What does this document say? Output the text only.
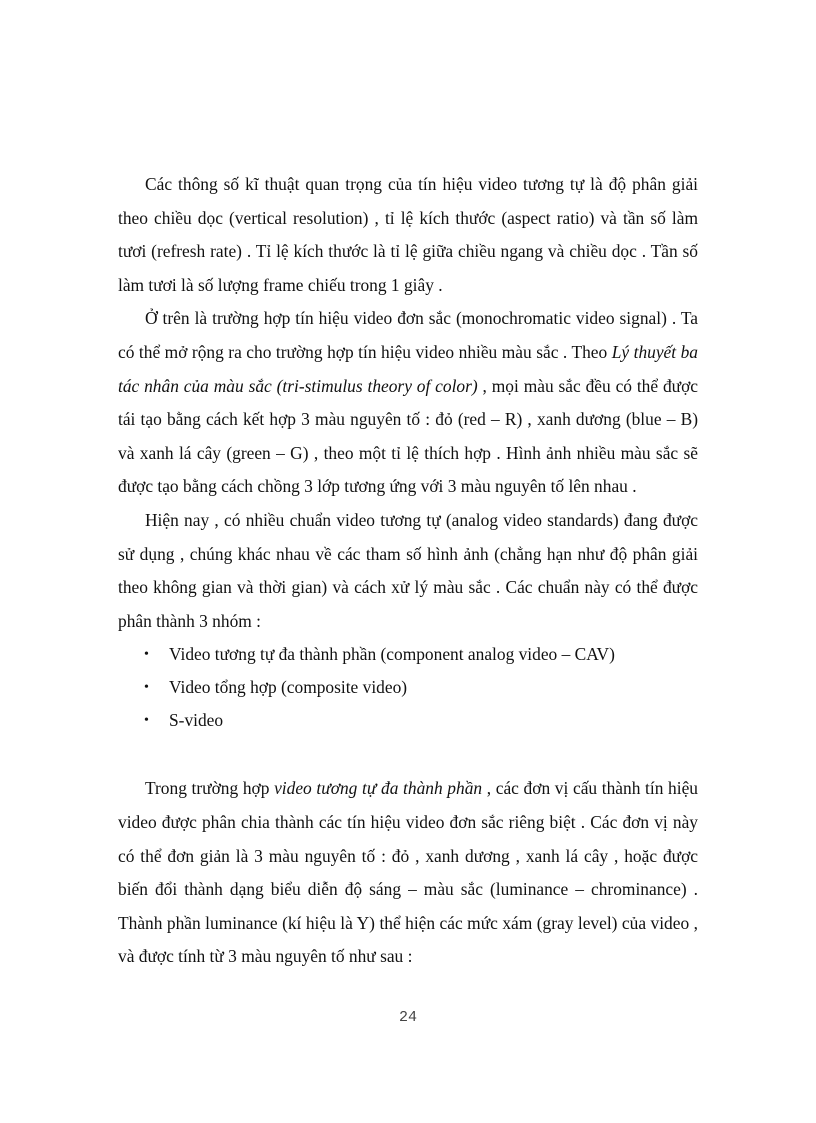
Các thông số kĩ thuật quan trọng của tín hiệu video tương tự là độ phân giải theo chiều dọc (vertical resolution) , tỉ lệ kích thước (aspect ratio) và tần số làm tươi (refresh rate) . Tỉ lệ kích thước là tỉ lệ giữa chiều ngang và chiều dọc . Tần số làm tươi là số lượng frame chiếu trong 1 giây .

Ở trên là trường hợp tín hiệu video đơn sắc (monochromatic video signal) . Ta có thể mở rộng ra cho trường hợp tín hiệu video nhiều màu sắc . Theo Lý thuyết ba tác nhân của màu sắc (tri-stimulus theory of color) , mọi màu sắc đều có thể được tái tạo bằng cách kết hợp 3 màu nguyên tố : đỏ (red – R) , xanh dương (blue – B) và xanh lá cây (green – G) , theo một tỉ lệ thích hợp . Hình ảnh nhiều màu sắc sẽ được tạo bằng cách chồng 3 lớp tương ứng với 3 màu nguyên tố lên nhau .

Hiện nay , có nhiều chuẩn video tương tự (analog video standards) đang được sử dụng , chúng khác nhau về các tham số hình ảnh (chẳng hạn như độ phân giải theo không gian và thời gian) và cách xử lý màu sắc . Các chuẩn này có thể được phân thành 3 nhóm :

• Video tương tự đa thành phần (component analog video – CAV)
• Video tổng hợp (composite video)
• S-video

Trong trường hợp video tương tự đa thành phần , các đơn vị cấu thành tín hiệu video được phân chia thành các tín hiệu video đơn sắc riêng biệt . Các đơn vị này có thể đơn giản là 3 màu nguyên tố : đỏ , xanh dương , xanh lá cây , hoặc được biến đổi thành dạng biểu diễn độ sáng – màu sắc (luminance – chrominance) . Thành phần luminance (kí hiệu là Y) thể hiện các mức xám (gray level) của video , và được tính từ 3 màu nguyên tố như sau :

24
